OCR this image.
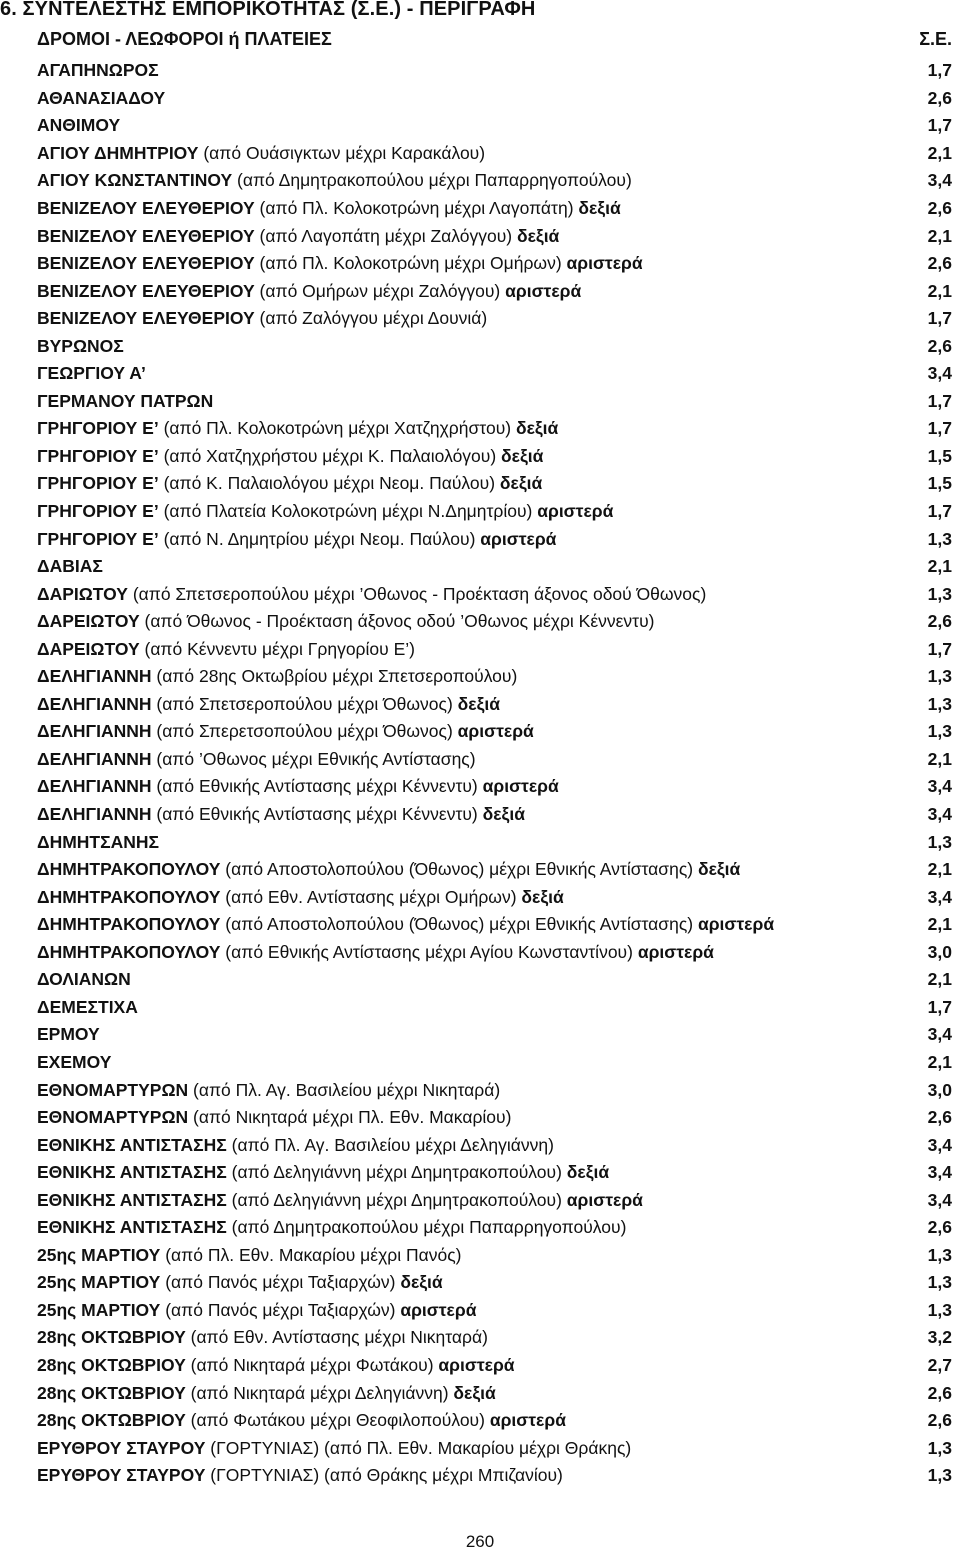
6. ΣΥΝΤΕΛΕΣΤΗΣ ΕΜΠΟΡΙΚΟΤΗΤΑΣ (Σ.Ε.) - ΠΕΡΙΓΡΑΦΗ
ΔΡΟΜΟΙ - ΛΕΩΦΟΡΟΙ ή ΠΛΑΤΕΙΕΣ	Σ.Ε.
ΑΓΑΠΗΝΩΡΟΣ	1,7
ΑΘΑΝΑΣΙΑΔΟΥ	2,6
ΑΝΘΙΜΟΥ	1,7
ΑΓΙΟΥ ΔΗΜΗΤΡΙΟΥ (από Ουάσιγκτων μέχρι Καρακάλου)	2,1
ΑΓΙΟΥ ΚΩΝΣΤΑΝΤΙΝΟΥ (από Δημητρακοπούλου μέχρι Παπαρρηγοπούλου)	3,4
ΒΕΝΙΖΕΛΟΥ ΕΛΕΥΘΕΡΙΟΥ (από Πλ. Κολοκοτρώνη μέχρι Λαγοπάτη) δεξιά	2,6
ΒΕΝΙΖΕΛΟΥ ΕΛΕΥΘΕΡΙΟΥ (από Λαγοπάτη μέχρι Ζαλόγγου) δεξιά	2,1
ΒΕΝΙΖΕΛΟΥ ΕΛΕΥΘΕΡΙΟΥ (από Πλ. Κολοκοτρώνη μέχρι Ομήρων) αριστερά	2,6
ΒΕΝΙΖΕΛΟΥ ΕΛΕΥΘΕΡΙΟΥ (από Ομήρων μέχρι Ζαλόγγου) αριστερά	2,1
ΒΕΝΙΖΕΛΟΥ ΕΛΕΥΘΕΡΙΟΥ (από Ζαλόγγου μέχρι Δουνιά)	1,7
ΒΥΡΩΝΟΣ	2,6
ΓΕΩΡΓΙΟΥ Α’	3,4
ΓΕΡΜΑΝΟΥ ΠΑΤΡΩΝ	1,7
ΓΡΗΓΟΡΙΟΥ Ε’ (από Πλ. Κολοκοτρώνη μέχρι Χατζηχρήστου) δεξιά	1,7
ΓΡΗΓΟΡΙΟΥ Ε’ (από Χατζηχρήστου μέχρι Κ. Παλαιολόγου) δεξιά	1,5
ΓΡΗΓΟΡΙΟΥ Ε’ (από Κ. Παλαιολόγου μέχρι Νεομ. Παύλου) δεξιά	1,5
ΓΡΗΓΟΡΙΟΥ Ε’ (από Πλατεία Κολοκοτρώνη μέχρι Ν.Δημητρίου) αριστερά	1,7
ΓΡΗΓΟΡΙΟΥ Ε’ (από Ν. Δημητρίου μέχρι Νεομ. Παύλου) αριστερά	1,3
ΔΑΒΙΑΣ	2,1
ΔΑΡΙΩΤΟΥ (από Σπετσεροπούλου μέχρι ’Οθωνος - Προέκταση άξονος οδού Όθωνος)	1,3
ΔΑΡΕΙΩΤΟΥ (από Όθωνος - Προέκταση άξονος οδού ’Οθωνος μέχρι Κέννεντυ)	2,6
ΔΑΡΕΙΩΤΟΥ (από Κέννεντυ μέχρι Γρηγορίου Ε’)	1,7
ΔΕΛΗΓΙΑΝΝΗ (από 28ης Οκτωβρίου μέχρι Σπετσεροπούλου)	1,3
ΔΕΛΗΓΙΑΝΝΗ (από Σπετσεροπούλου μέχρι Όθωνος) δεξιά	1,3
ΔΕΛΗΓΙΑΝΝΗ (από Σπερετσοπούλου μέχρι Όθωνος) αριστερά	1,3
ΔΕΛΗΓΙΑΝΝΗ (από ’Οθωνος μέχρι Εθνικής Αντίστασης)	2,1
ΔΕΛΗΓΙΑΝΝΗ (από Εθνικής Αντίστασης μέχρι Κέννεντυ) αριστερά	3,4
ΔΕΛΗΓΙΑΝΝΗ (από Εθνικής Αντίστασης μέχρι Κέννεντυ) δεξιά	3,4
ΔΗΜΗΤΣΑΝΗΣ	1,3
ΔΗΜΗΤΡΑΚΟΠΟΥΛΟΥ (από Αποστολοπούλου (Όθωνος) μέχρι Εθνικής Αντίστασης) δεξιά	2,1
ΔΗΜΗΤΡΑΚΟΠΟΥΛΟΥ (από Εθν. Αντίστασης μέχρι Ομήρων) δεξιά	3,4
ΔΗΜΗΤΡΑΚΟΠΟΥΛΟΥ (από Αποστολοπούλου (Όθωνος) μέχρι Εθνικής Αντίστασης) αριστερά	2,1
ΔΗΜΗΤΡΑΚΟΠΟΥΛΟΥ (από Εθνικής Αντίστασης μέχρι Αγίου Κωνσταντίνου) αριστερά	3,0
ΔΟΛΙΑΝΩΝ	2,1
ΔΕΜΕΣΤΙΧΑ	1,7
ΕΡΜΟΥ	3,4
ΕΧΕΜΟΥ	2,1
ΕΘΝΟΜΑΡΤΥΡΩΝ (από Πλ. Αγ. Βασιλείου μέχρι Νικηταρά)	3,0
ΕΘΝΟΜΑΡΤΥΡΩΝ (από Νικηταρά μέχρι Πλ. Εθν. Μακαρίου)	2,6
ΕΘΝΙΚΗΣ ΑΝΤΙΣΤΑΣΗΣ (από Πλ. Αγ. Βασιλείου μέχρι Δεληγιάννη)	3,4
ΕΘΝΙΚΗΣ ΑΝΤΙΣΤΑΣΗΣ (από Δεληγιάννη μέχρι Δημητρακοπούλου) δεξιά	3,4
ΕΘΝΙΚΗΣ ΑΝΤΙΣΤΑΣΗΣ (από Δεληγιάννη μέχρι Δημητρακοπούλου) αριστερά	3,4
ΕΘΝΙΚΗΣ ΑΝΤΙΣΤΑΣΗΣ (από Δημητρακοπούλου μέχρι Παπαρρηγοπούλου)	2,6
25ης ΜΑΡΤΙΟΥ (από Πλ. Εθν. Μακαρίου μέχρι Πανός)	1,3
25ης ΜΑΡΤΙΟΥ (από Πανός μέχρι Ταξιαρχών) δεξιά	1,3
25ης ΜΑΡΤΙΟΥ (από Πανός μέχρι Ταξιαρχών) αριστερά	1,3
28ης ΟΚΤΩΒΡΙΟΥ (από Εθν. Αντίστασης μέχρι Νικηταρά)	3,2
28ης ΟΚΤΩΒΡΙΟΥ (από Νικηταρά μέχρι Φωτάκου) αριστερά	2,7
28ης ΟΚΤΩΒΡΙΟΥ (από Νικηταρά μέχρι Δεληγιάννη) δεξιά	2,6
28ης ΟΚΤΩΒΡΙΟΥ (από Φωτάκου μέχρι Θεοφιλοπούλου) αριστερά	2,6
ΕΡΥΘΡΟΥ ΣΤΑΥΡΟΥ (ΓΟΡΤΥΝΙΑΣ) (από Πλ. Εθν. Μακαρίου μέχρι Θράκης)	1,3
ΕΡΥΘΡΟΥ ΣΤΑΥΡΟΥ (ΓΟΡΤΥΝΙΑΣ) (από Θράκης μέχρι Μπιζανίου)	1,3
260
